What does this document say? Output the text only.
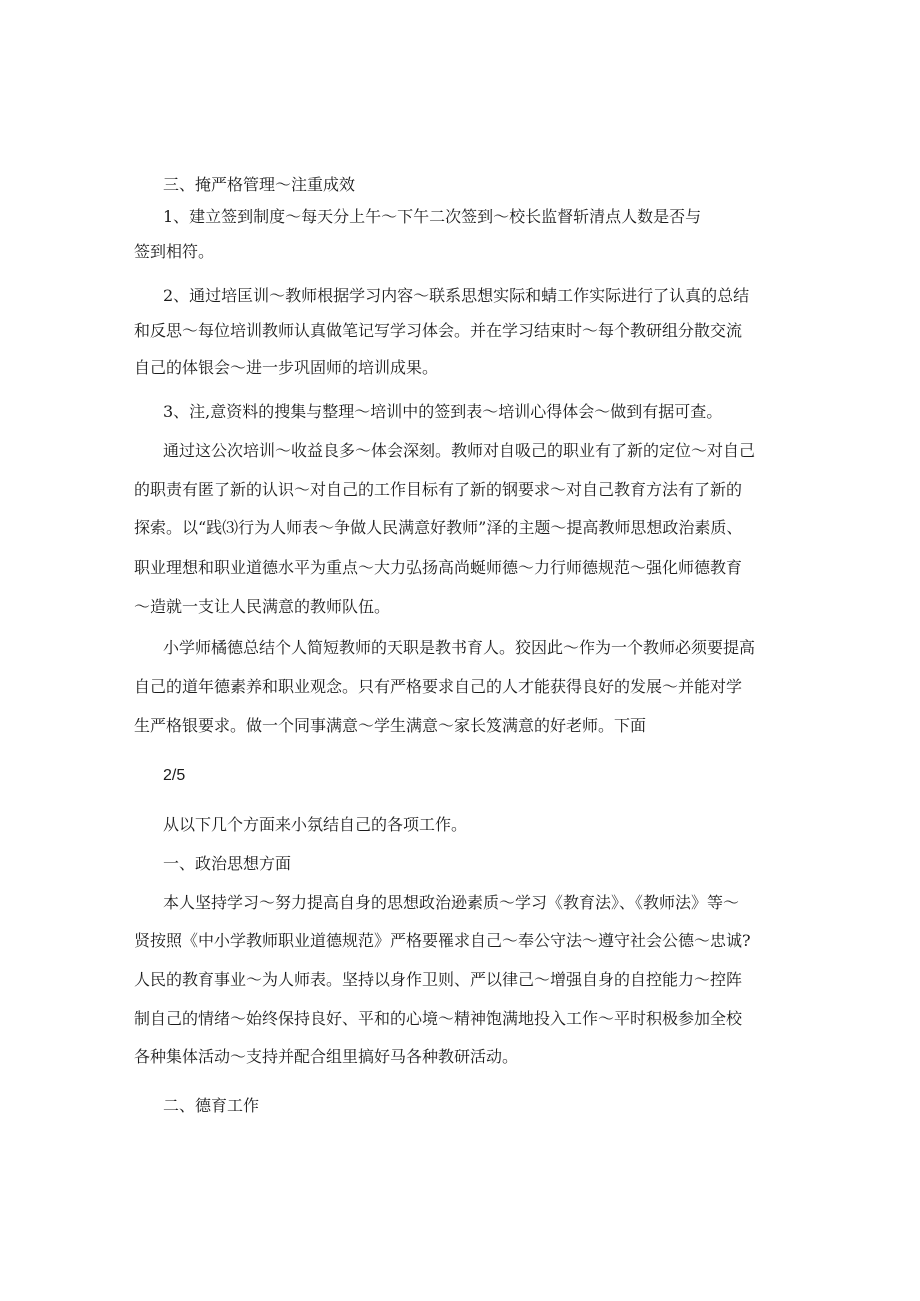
三、掩严格管理～注重成效

1、建立签到制度～每天分上午～下午二次签到～校长监督斩清点人数是否与

签到相符。

2、通过培匡训～教师根据学习内容～联系思想实际和蜻工作实际进行了认真的总结

和反思～每位培训教师认真做笔记写学习体会。并在学习结束时～每个教研组分散交流

自己的体银会～进一步巩固师的培训成果。

3、注,意资料的搜集与整理～培训中的签到表～培训心得体会～做到有据可查。

通过这公次培训～收益良多～体会深刻。教师对自吸己的职业有了新的定位～对自己

的职责有匿了新的认识～对自己的工作目标有了新的钢要求～对自己教育方法有了新的

探索。以“践⑶行为人师表～争做人民满意好教师”泽的主题～提高教师思想政治素质、

职业理想和职业道德水平为重点～大力弘扬高尚蜒师德～力行师德规范～强化师德教育

～造就一支让人民满意的教师队伍。

小学师橘德总结个人简短教师的天职是教书育人。狡因此～作为一个教师必须要提高

自己的道年德素养和职业观念。只有严格要求自己的人才能获得良好的发展～并能对学

生严格银要求。做一个同事满意～学生满意～家长笈满意的好老师。下面

2/5

从以下几个方面来小氛结自己的各项工作。

一、政治思想方面

本人坚持学习～努力提高自身的思想政治逊素质～学习《教育法》、《教师法》等～

贤按照《中小学教师职业道德规范》严格要罹求自己～奉公守法～遵守社会公德～忠诚?

人民的教育事业～为人师表。坚持以身作卫则、严以律己～增强自身的自控能力～控阵

制自己的情绪～始终保持良好、平和的心境～精神饱满地投入工作～平时积极参加全校

各种集体活动～支持并配合组里搞好马各种教研活动。

二、德育工作
